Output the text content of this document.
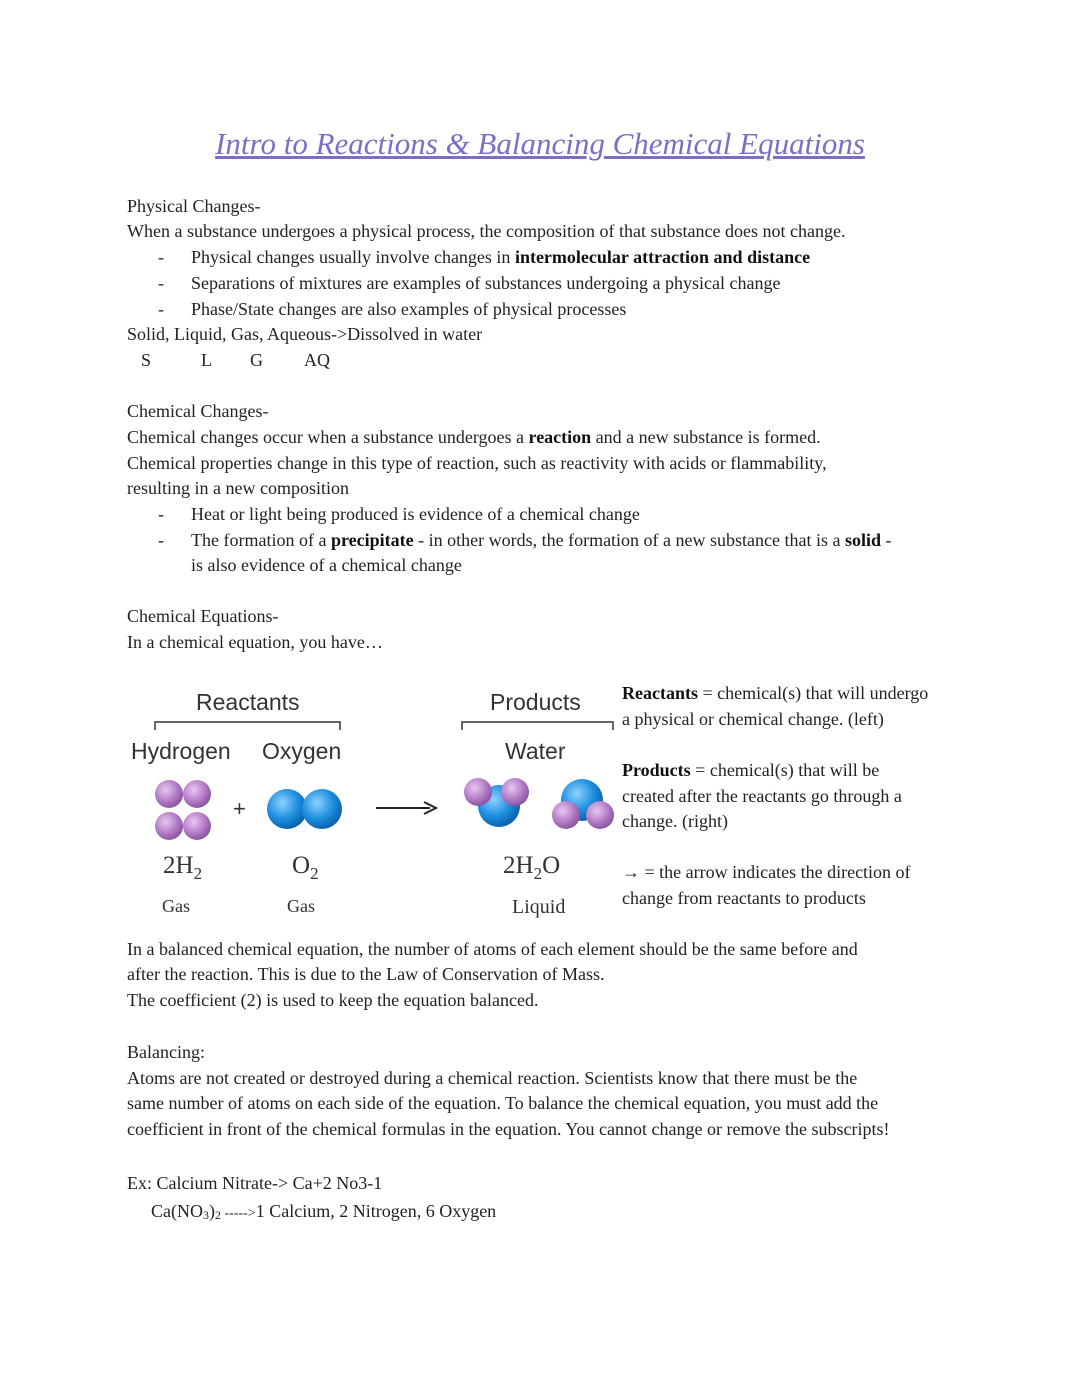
Intro to Reactions & Balancing Chemical Equations
Physical Changes-
When a substance undergoes a physical process, the composition of that substance does not change.
- Physical changes usually involve changes in intermolecular attraction and distance
- Separations of mixtures are examples of substances undergoing a physical change
- Phase/State changes are also examples of physical processes
Solid, Liquid, Gas, Aqueous->Dissolved in water
S	L G AQ
Chemical Changes-
Chemical changes occur when a substance undergoes a reaction and a new substance is formed.
Chemical properties change in this type of reaction, such as reactivity with acids or flammability,
resulting in a new composition
- Heat or light being produced is evidence of a chemical change
- The formation of a precipitate - in other words, the formation of a new substance that is a solid -
is also evidence of a chemical change
Chemical Equations-
In a chemical equation, you have…
Reactants	Products
Hydrogen Oxygen	Water
+
$2H_2$	$O_2$	$2H_2O$
Gas	Gas	Liquid
Reactants = chemical(s) that will undergo
a physical or chemical change. (left)
Products = chemical(s) that will be
created after the reactants go through a
change. (right)
→ = the arrow indicates the direction of
change from reactants to products
In a balanced chemical equation, the number of atoms of each element should be the same before and
after the reaction. This is due to the Law of Conservation of Mass.
The coefficient (2) is used to keep the equation balanced.
Balancing:
Atoms are not created or destroyed during a chemical reaction. Scientists know that there must be the
same number of atoms on each side of the equation. To balance the chemical equation, you must add the
coefficient in front of the chemical formulas in the equation. You cannot change or remove the subscripts!
Ex: Calcium Nitrate-> Ca+2 No3-1
$Ca(NO_3)_2$ ----->1 Calcium, 2 Nitrogen, 6 Oxygen
